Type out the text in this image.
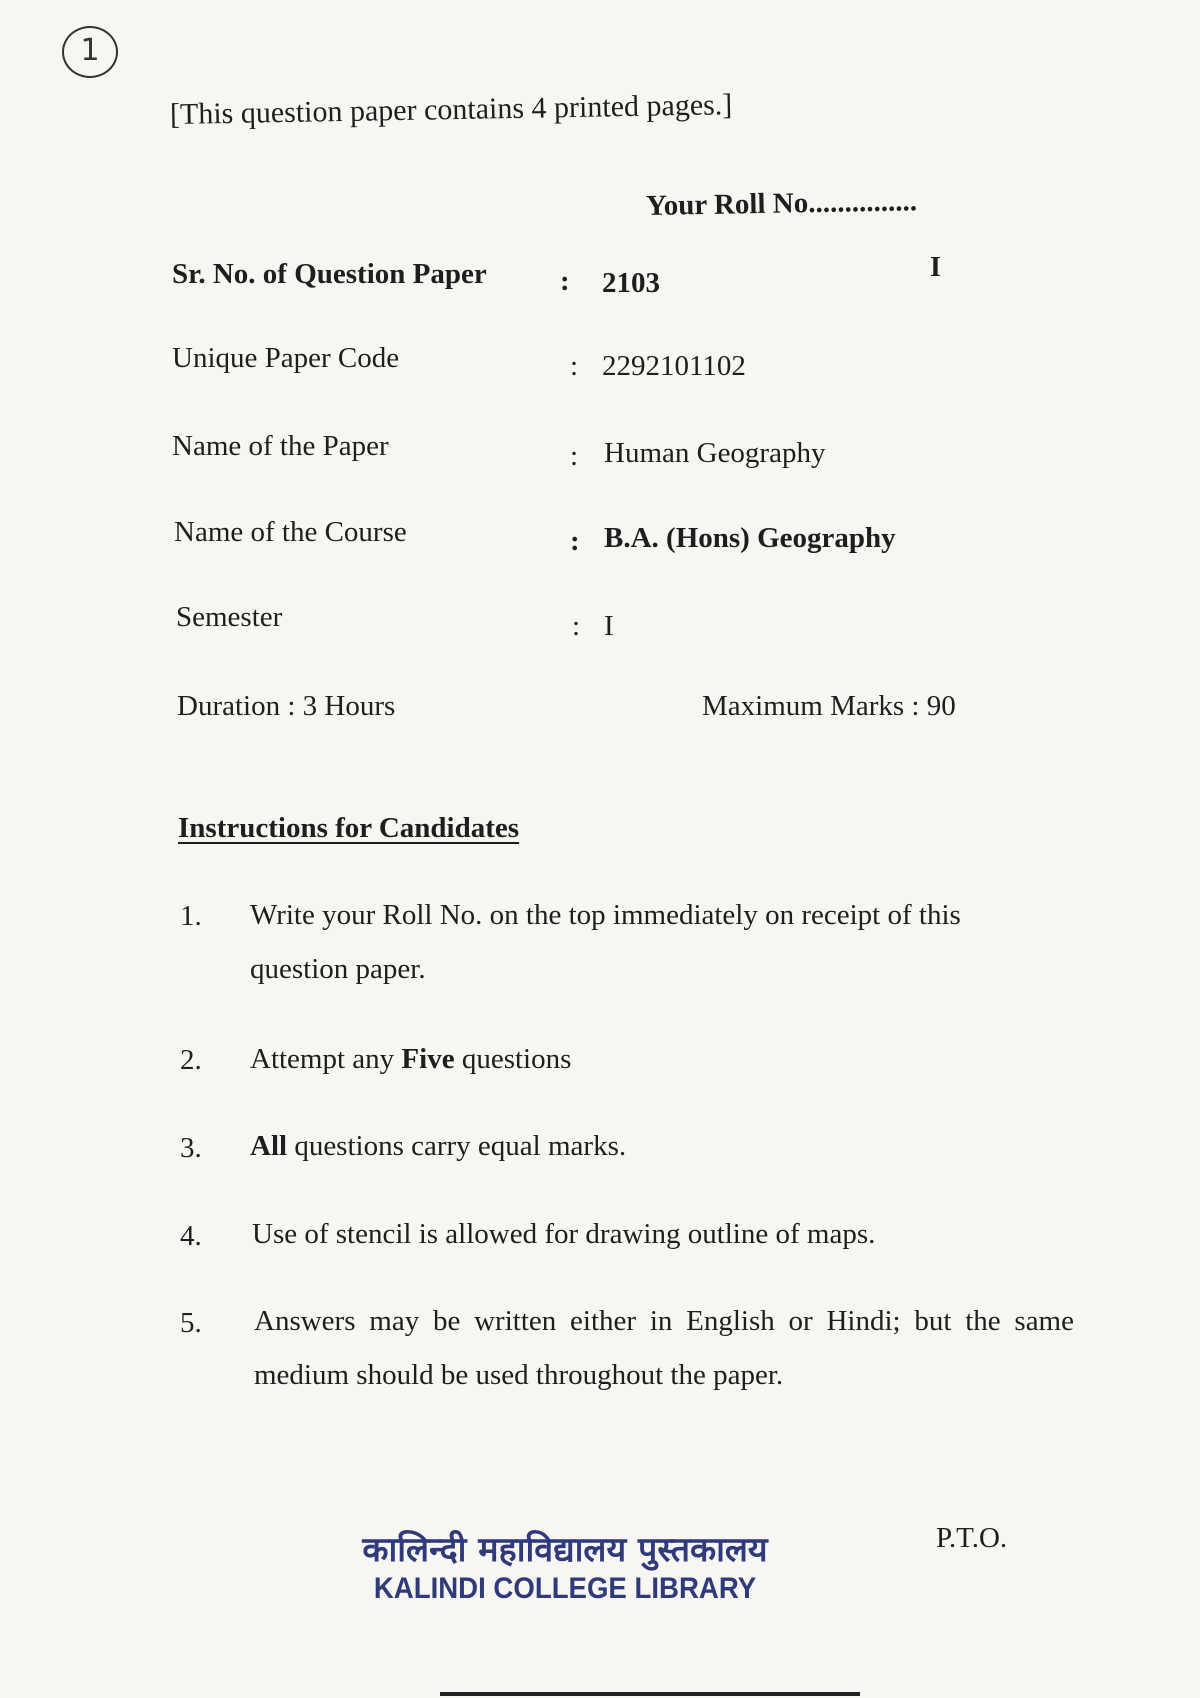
1
[This question paper contains 4 printed pages.]
Your Roll No...............
I
Sr. No. of Question Paper	: 2103
Unique Paper Code	: 2292101102
Name of the Paper	: Human Geography
Name of the Course	: B.A. (Hons) Geography
Semester	: I
Duration : 3 Hours	Maximum Marks : 90
Instructions for Candidates
1. Write your Roll No. on the top immediately on receipt of this question paper.
2. Attempt any Five questions
3. All questions carry equal marks.
4. Use of stencil is allowed for drawing outline of maps.
5. Answers may be written either in English or Hindi; but the same medium should be used throughout the paper.
कालिन्दी महाविद्यालय पुस्तकालय
KALINDI COLLEGE LIBRARY
P.T.O.
